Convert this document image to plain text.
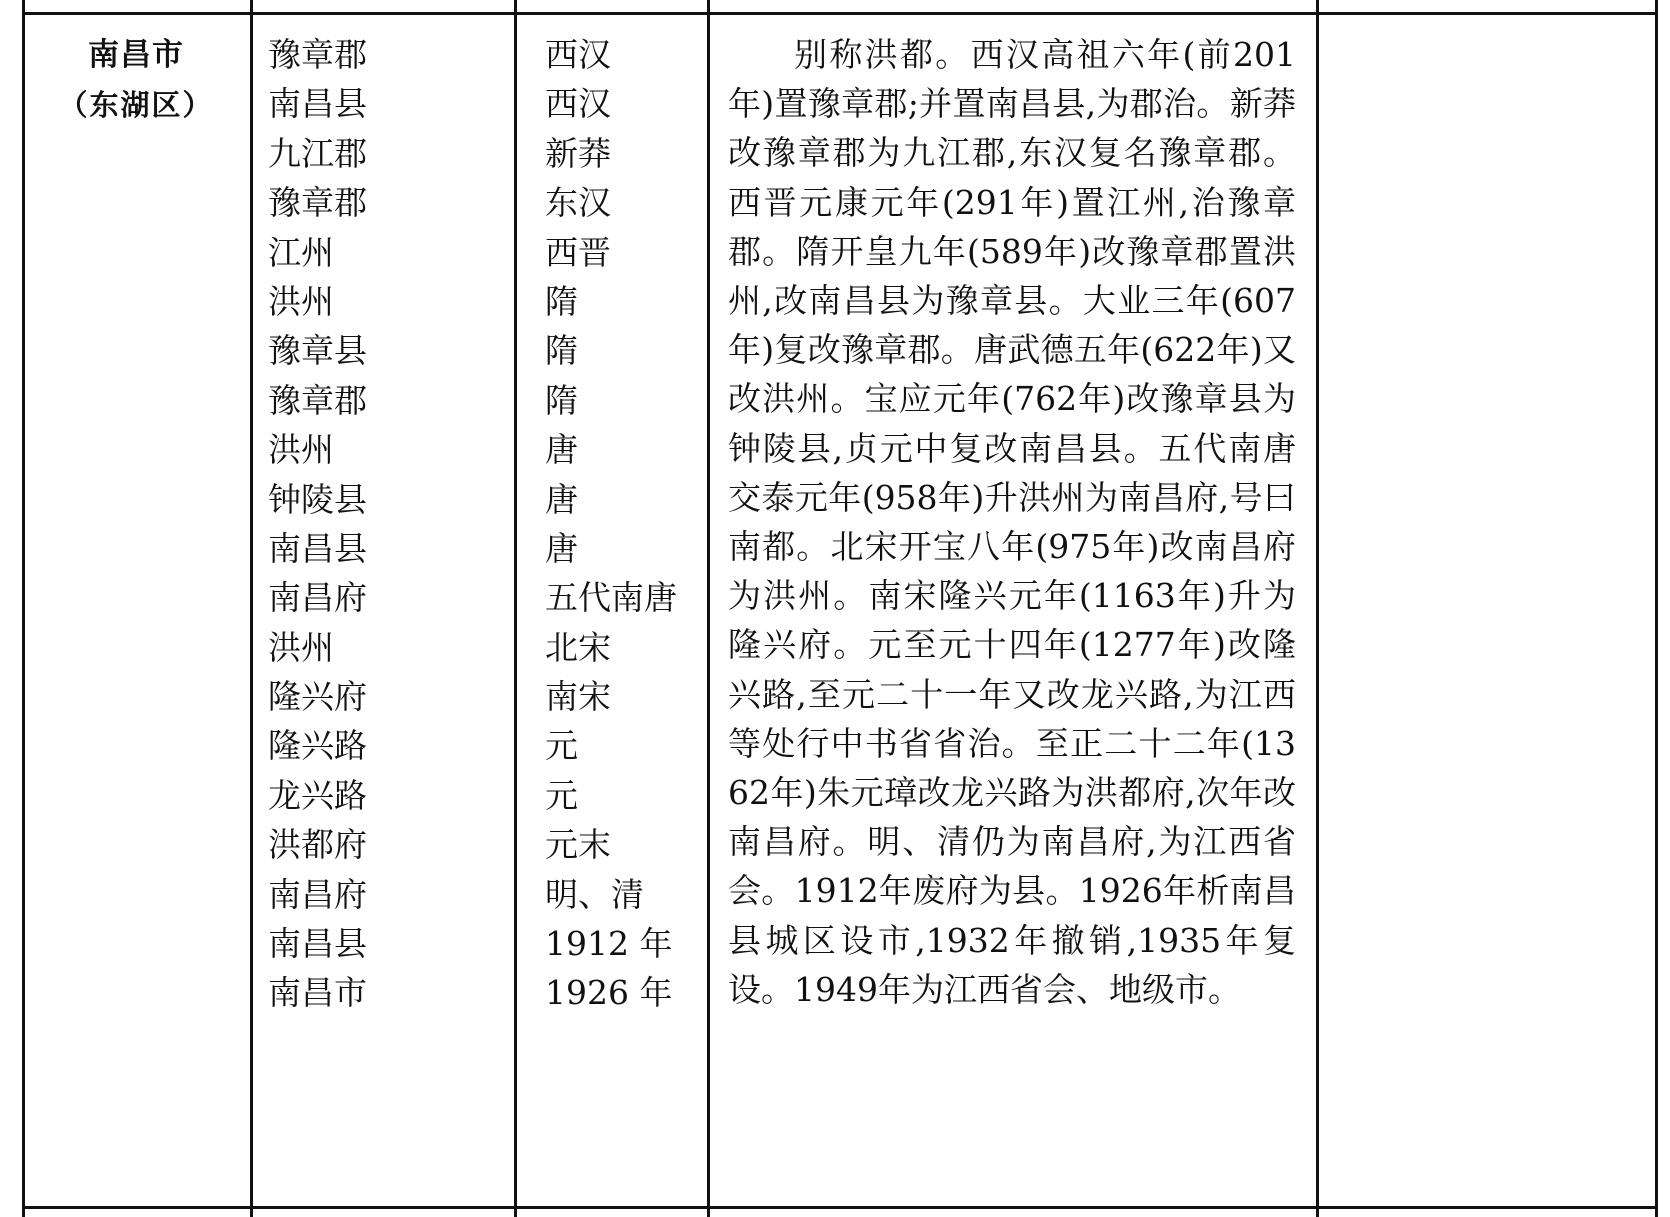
南昌市
（东湖区）
豫章郡
南昌县
九江郡
豫章郡
江州
洪州
豫章县
豫章郡
洪州
钟陵县
南昌县
南昌府
洪州
隆兴府
隆兴路
龙兴路
洪都府
南昌府
南昌县
南昌市
西汉
西汉
新莽
东汉
西晋
隋
隋
隋
唐
唐
唐
五代南唐
北宋
南宋
元
元
元末
明、清
1912 年
1926 年
别称洪都。西汉高祖六年(前201年)置豫章郡;并置南昌县,为郡治。新莽改豫章郡为九江郡,东汉复名豫章郡。西晋元康元年(291年)置江州,治豫章郡。隋开皇九年(589年)改豫章郡置洪州,改南昌县为豫章县。大业三年(607年)复改豫章郡。唐武德五年(622年)又改洪州。宝应元年(762年)改豫章县为钟陵县,贞元中复改南昌县。五代南唐交泰元年(958年)升洪州为南昌府,号曰南都。北宋开宝八年(975年)改南昌府为洪州。南宋隆兴元年(1163年)升为隆兴府。元至元十四年(1277年)改隆兴路,至元二十一年又改龙兴路,为江西等处行中书省省治。至正二十二年(1362年)朱元璋改龙兴路为洪都府,次年改南昌府。明、清仍为南昌府,为江西省会。1912年废府为县。1926年析南昌县城区设市,1932年撤销,1935年复设。1949年为江西省会、地级市。
